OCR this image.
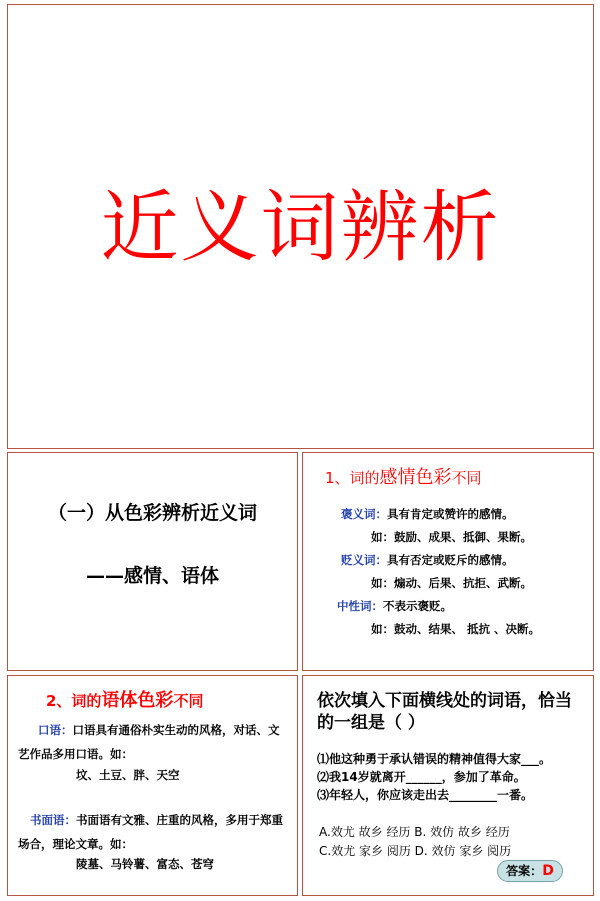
近义词辨析
（一）从色彩辨析近义词
——感情、语体
1、词的感情色彩不同
褒义词：具有肯定或赞许的感情。
如：鼓励、成果、抵御、果断。
贬义词：具有否定或贬斥的感情。
如：煽动、后果、抗拒、武断。
中性词：不表示褒贬。
如：鼓动、结果、 抵抗 、决断。
2、词的语体色彩不同
口语：口语具有通俗朴实生动的风格，对话、文艺作品多用口语。如：
坟、土豆、胖、天空
书面语：书面语有文雅、庄重的风格，多用于郑重场合，理论文章。如：
陵墓、马铃薯、富态、苍穹
依次填入下面横线处的词语，恰当的一组是（ ）
⑴他这种勇于承认错误的精神值得大家___。
⑵我14岁就离开______，参加了革命。
⑶年轻人，你应该走出去________一番。
A.效尤 故乡 经历 B. 效仿 故乡 经历
C.效尤 家乡 阅历 D. 效仿 家乡 阅历
答案：D
